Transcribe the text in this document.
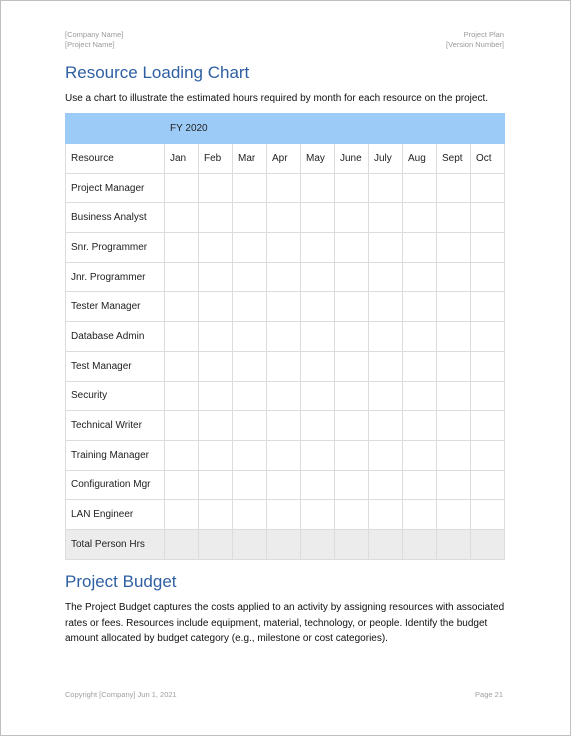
[Company Name]
[Project Name]
Project Plan
[Version Number]
Resource Loading Chart
Use a chart to illustrate the estimated hours required by month for each resource on the project.
	FY 2020									
Resource	Jan	Feb	Mar	Apr	May	June	July	Aug	Sept	Oct
Project Manager										
Business Analyst										
Snr. Programmer										
Jnr. Programmer										
Tester Manager										
Database Admin										
Test Manager										
Security										
Technical Writer										
Training Manager										
Configuration Mgr										
LAN Engineer										
Total Person Hrs										
Project Budget

The Project Budget captures the costs applied to an activity by assigning resources with associated rates or fees. Resources include equipment, material, technology, or people. Identify the budget amount allocated by budget category (e.g., milestone or cost categories).

Copyright [Company] Jun 1, 2021	Page 21
